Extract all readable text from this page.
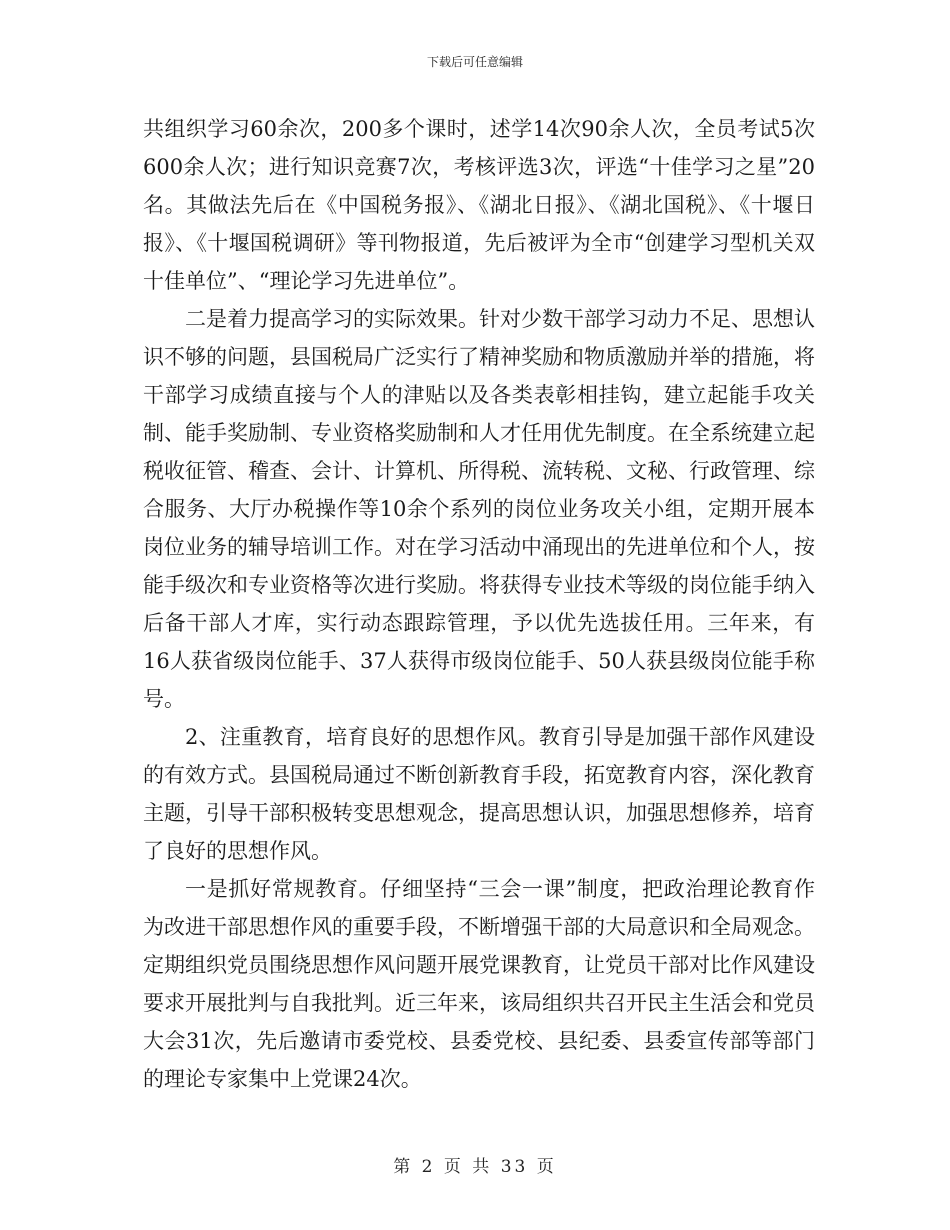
下载后可任意编辑

共组织学习60余次，200多个课时，述学14次90余人次，全员考试5次600余人次；进行知识竞赛7次，考核评选3次，评选“十佳学习之星”20名。其做法先后在《中国税务报》、《湖北日报》、《湖北国税》、《十堰日报》、《十堰国税调研》等刊物报道，先后被评为全市“创建学习型机关双十佳单位”、“理论学习先进单位”。

二是着力提高学习的实际效果。针对少数干部学习动力不足、思想认识不够的问题，县国税局广泛实行了精神奖励和物质激励并举的措施，将干部学习成绩直接与个人的津贴以及各类表彰相挂钩，建立起能手攻关制、能手奖励制、专业资格奖励制和人才任用优先制度。在全系统建立起税收征管、稽查、会计、计算机、所得税、流转税、文秘、行政管理、综合服务、大厅办税操作等10余个系列的岗位业务攻关小组，定期开展本岗位业务的辅导培训工作。对在学习活动中涌现出的先进单位和个人，按能手级次和专业资格等次进行奖励。将获得专业技术等级的岗位能手纳入后备干部人才库，实行动态跟踪管理，予以优先选拔任用。三年来，有16人获省级岗位能手、37人获得市级岗位能手、50人获县级岗位能手称号。

2、注重教育，培育良好的思想作风。教育引导是加强干部作风建设的有效方式。县国税局通过不断创新教育手段，拓宽教育内容，深化教育主题，引导干部积极转变思想观念，提高思想认识，加强思想修养，培育了良好的思想作风。

一是抓好常规教育。仔细坚持“三会一课”制度，把政治理论教育作为改进干部思想作风的重要手段，不断增强干部的大局意识和全局观念。定期组织党员围绕思想作风问题开展党课教育，让党员干部对比作风建设要求开展批判与自我批判。近三年来，该局组织共召开民主生活会和党员大会31次，先后邀请市委党校、县委党校、县纪委、县委宣传部等部门的理论专家集中上党课24次。

第 2 页 共 33 页
